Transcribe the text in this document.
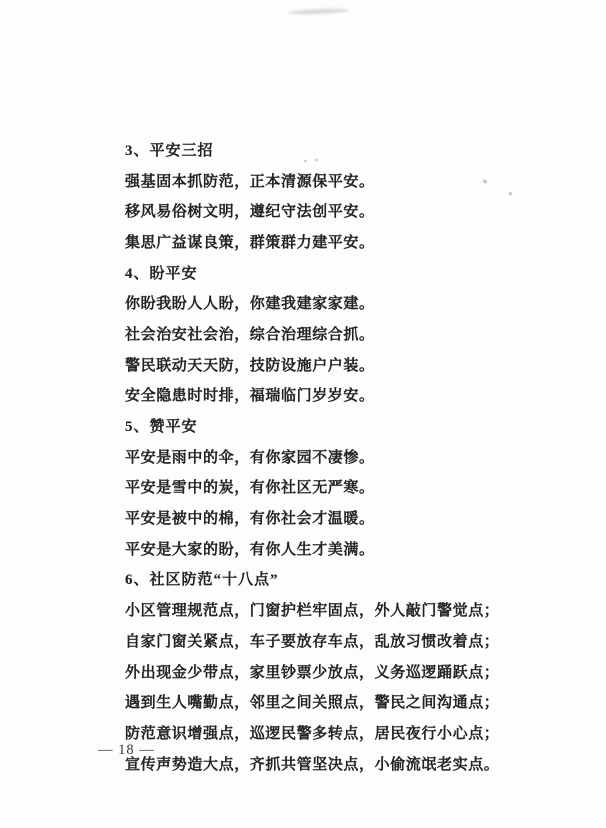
3、平安三招
强基固本抓防范，正本清源保平安。
移风易俗树文明，遵纪守法创平安。
集思广益谋良策，群策群力建平安。
4、盼平安
你盼我盼人人盼，你建我建家家建。
社会治安社会治，综合治理综合抓。
警民联动天天防，技防设施户户装。
安全隐患时时排，福瑞临门岁岁安。
5、赞平安
平安是雨中的伞，有你家园不凄惨。
平安是雪中的炭，有你社区无严寒。
平安是被中的棉，有你社会才温暖。
平安是大家的盼，有你人生才美满。
6、社区防范“十八点”
小区管理规范点，门窗护栏牢固点，外人敲门警觉点；
自家门窗关紧点，车子要放存车点，乱放习惯改着点；
外出现金少带点，家里钞票少放点，义务巡逻踊跃点；
遇到生人嘴勤点，邻里之间关照点，警民之间沟通点；
防范意识增强点，巡逻民警多转点，居民夜行小心点；
宣传声势造大点，齐抓共管坚决点，小偷流氓老实点。
— 18 —
